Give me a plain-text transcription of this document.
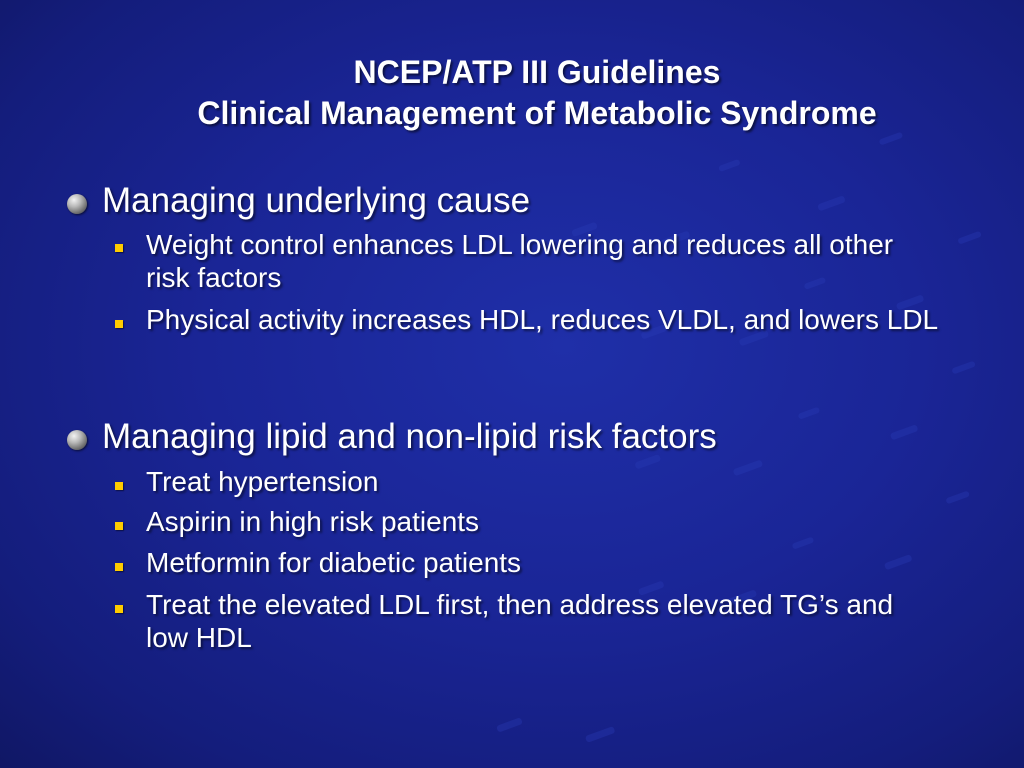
NCEP/ATP III Guidelines
Clinical Management of Metabolic Syndrome
Managing underlying cause
Weight control enhances LDL lowering and reduces all other risk factors
Physical activity increases HDL, reduces VLDL, and lowers LDL
Managing lipid and non-lipid risk factors
Treat hypertension
Aspirin in high risk patients
Metformin for diabetic patients
Treat the elevated LDL first, then address elevated TG’s and low HDL
